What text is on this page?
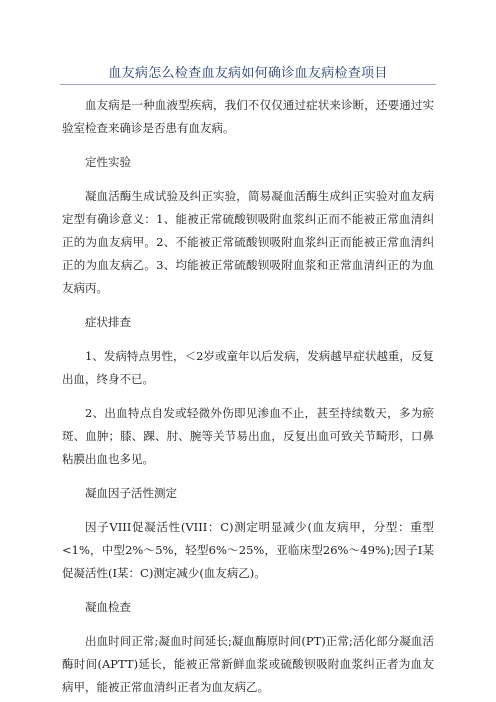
血友病怎么检查血友病如何确诊血友病检查项目

血友病是一种血液型疾病，我们不仅仅通过症状来诊断，还要通过实验室检查来确诊是否患有血友病。

定性实验

凝血活酶生成试验及纠正实验，简易凝血活酶生成纠正实验对血友病定型有确诊意义：1、能被正常硫酸钡吸附血浆纠正而不能被正常血清纠正的为血友病甲。2、不能被正常硫酸钡吸附血浆纠正而能被正常血清纠正的为血友病乙。3、均能被正常硫酸钡吸附血浆和正常血清纠正的为血友病丙。

症状排查

1、发病特点男性，＜2岁或童年以后发病，发病越早症状越重，反复出血，终身不已。

2、出血特点自发或轻微外伤即见渗血不止，甚至持续数天，多为瘀斑、血肿；膝、踝、肘、腕等关节易出血，反复出血可致关节畸形，口鼻粘膜出血也多见。

凝血因子活性测定

因子VIII促凝活性(VIII：C)测定明显减少(血友病甲，分型：重型<1%，中型2%～5%，轻型6%～25%，亚临床型26%～49%);因子I某促凝活性(I某：C)测定减少(血友病乙)。

凝血检查

出血时间正常;凝血时间延长;凝血酶原时间(PT)正常;活化部分凝血活酶时间(APTT)延长，能被正常新鲜血浆或硫酸钡吸附血浆纠正者为血友病甲，能被正常血清纠正者为血友病乙。
